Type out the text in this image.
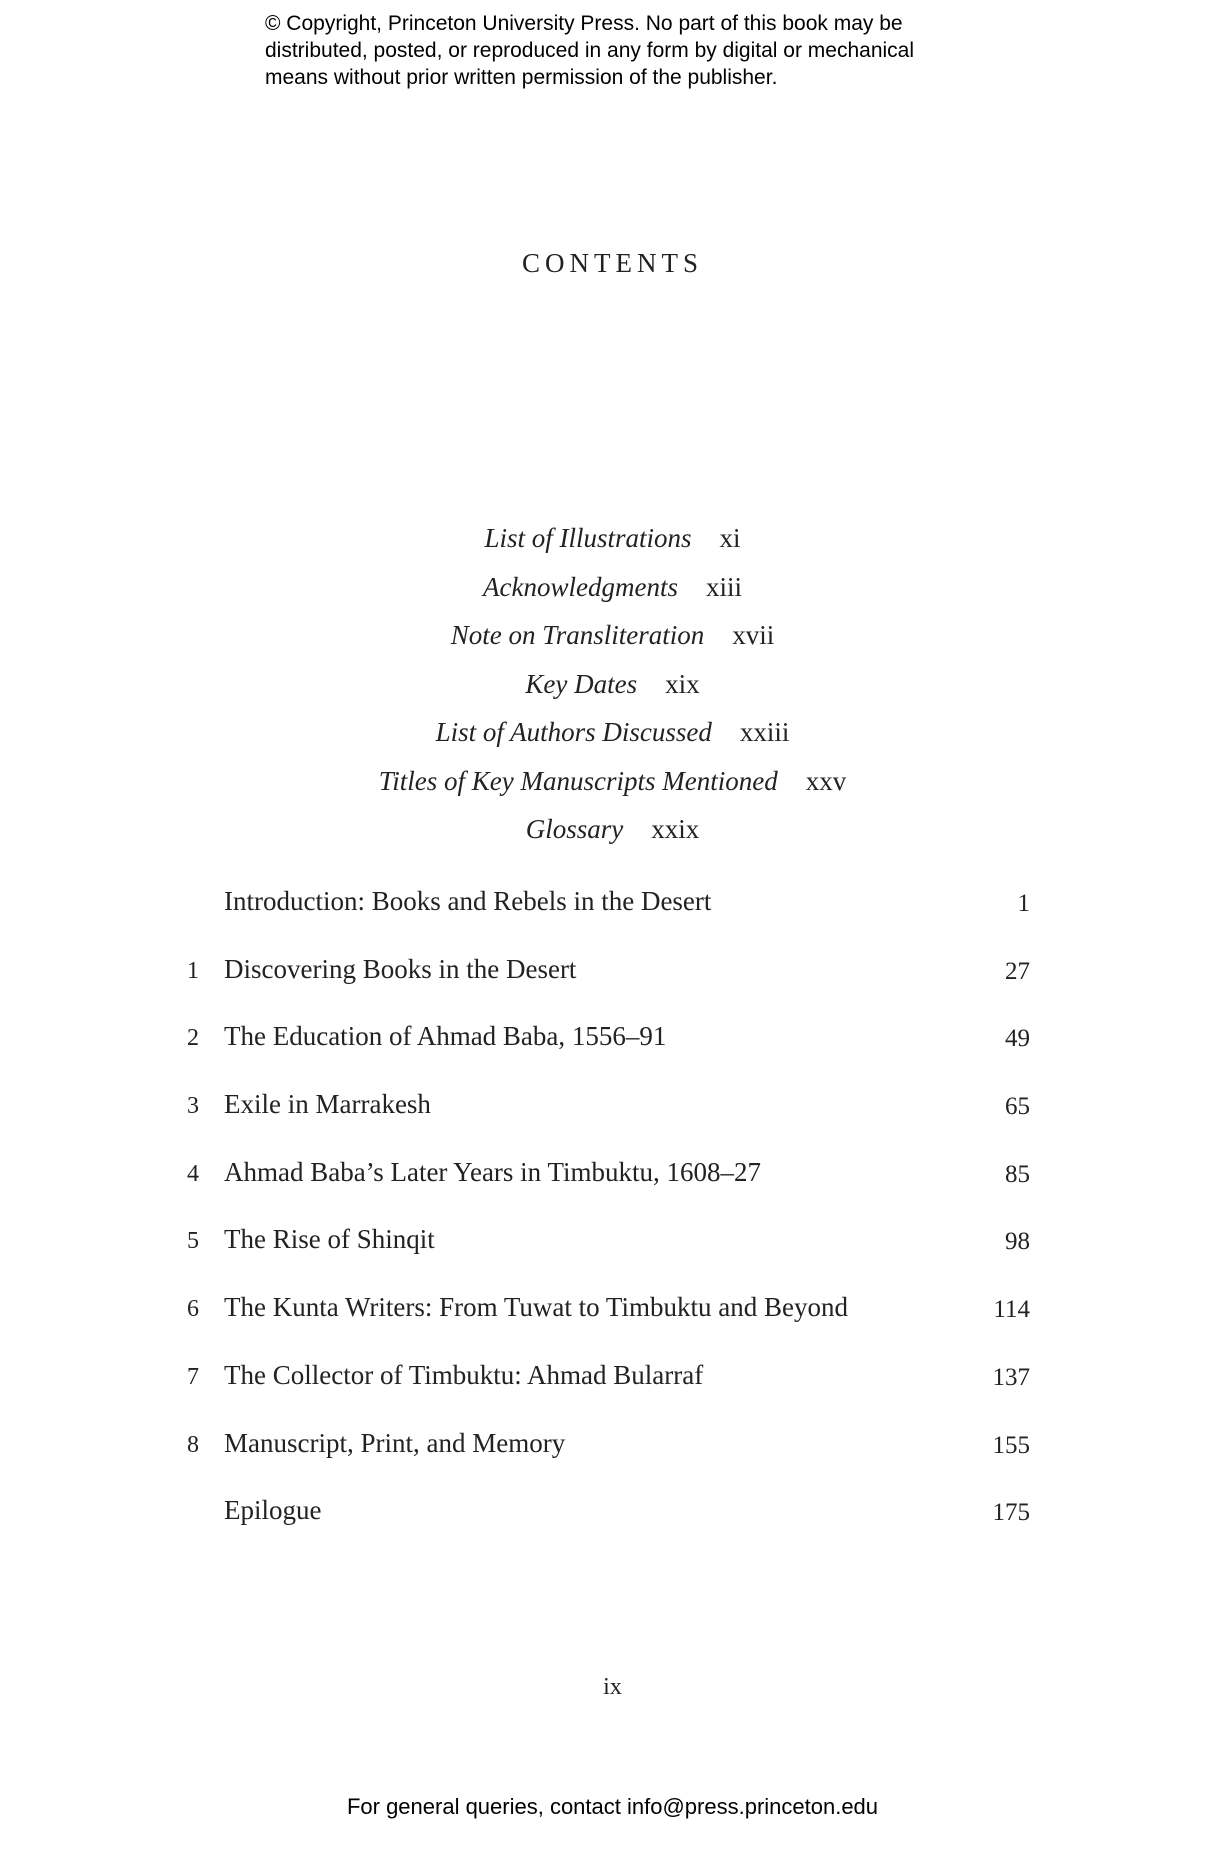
© Copyright, Princeton University Press. No part of this book may be
distributed, posted, or reproduced in any form by digital or mechanical
means without prior written permission of the publisher.
CONTENTS
List of Illustrations xi
Acknowledgments xiii
Note on Transliteration xvii
Key Dates xix
List of Authors Discussed xxiii
Titles of Key Manuscripts Mentioned xxv
Glossary xxix
Introduction: Books and Rebels in the Desert	1
1 Discovering Books in the Desert	27
2 The Education of Ahmad Baba, 1556–91	49
3 Exile in Marrakesh	65
4 Ahmad Baba’s Later Years in Timbuktu, 1608–27	85
5 The Rise of Shinqit	98
6 The Kunta Writers: From Tuwat to Timbuktu and Beyond	114
7 The Collector of Timbuktu: Ahmad Bularraf	137
8 Manuscript, Print, and Memory	155
Epilogue	175
ix
For general queries, contact info@press.princeton.edu
